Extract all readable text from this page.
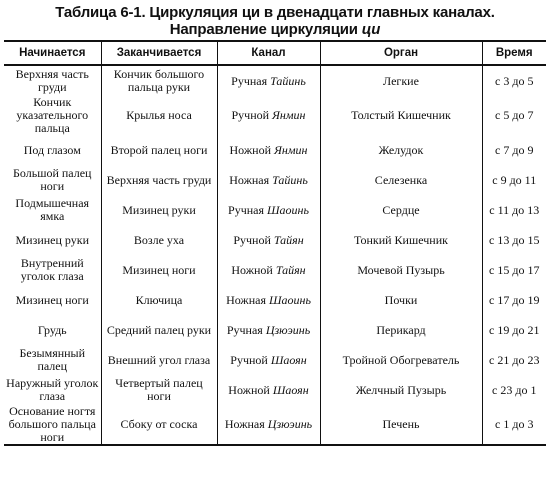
Таблица 6-1. Циркуляция ци в двенадцати главных каналах.
Направление циркуляции ци
Начинается	Заканчивается	Канал	Орган	Время
Верхняя часть груди	Кончик большого пальца руки	Ручная Тайинь	Легкие	с 3 до 5
Кончик указательного пальца	Крылья носа	Ручной Янмин	Толстый Кишечник	с 5 до 7
Под глазом	Второй палец ноги	Ножной Янмин	Желудок	с 7 до 9
Большой палец ноги	Верхняя часть груди	Ножная Тайинь	Селезенка	с 9 до 11
Подмышечная ямка	Мизинец руки	Ручная Шаоинь	Сердце	с 11 до 13
Мизинец руки	Возле уха	Ручной Тайян	Тонкий Кишечник	с 13 до 15
Внутренний уголок глаза	Мизинец ноги	Ножной Тайян	Мочевой Пузырь	с 15 до 17
Мизинец ноги	Ключица	Ножная Шаоинь	Почки	с 17 до 19
Грудь	Средний палец руки	Ручная Цзюэинь	Перикард	с 19 до 21
Безымянный палец	Внешний угол глаза	Ручной Шаоян	Тройной Обогреватель	с 21 до 23
Наружный уголок глаза	Четвертый палец ноги	Ножной Шаоян	Желчный Пузырь	с 23 до 1
Основание ногтя большого пальца ноги	Сбоку от соска	Ножная Цзюэинь	Печень	с 1 до 3
